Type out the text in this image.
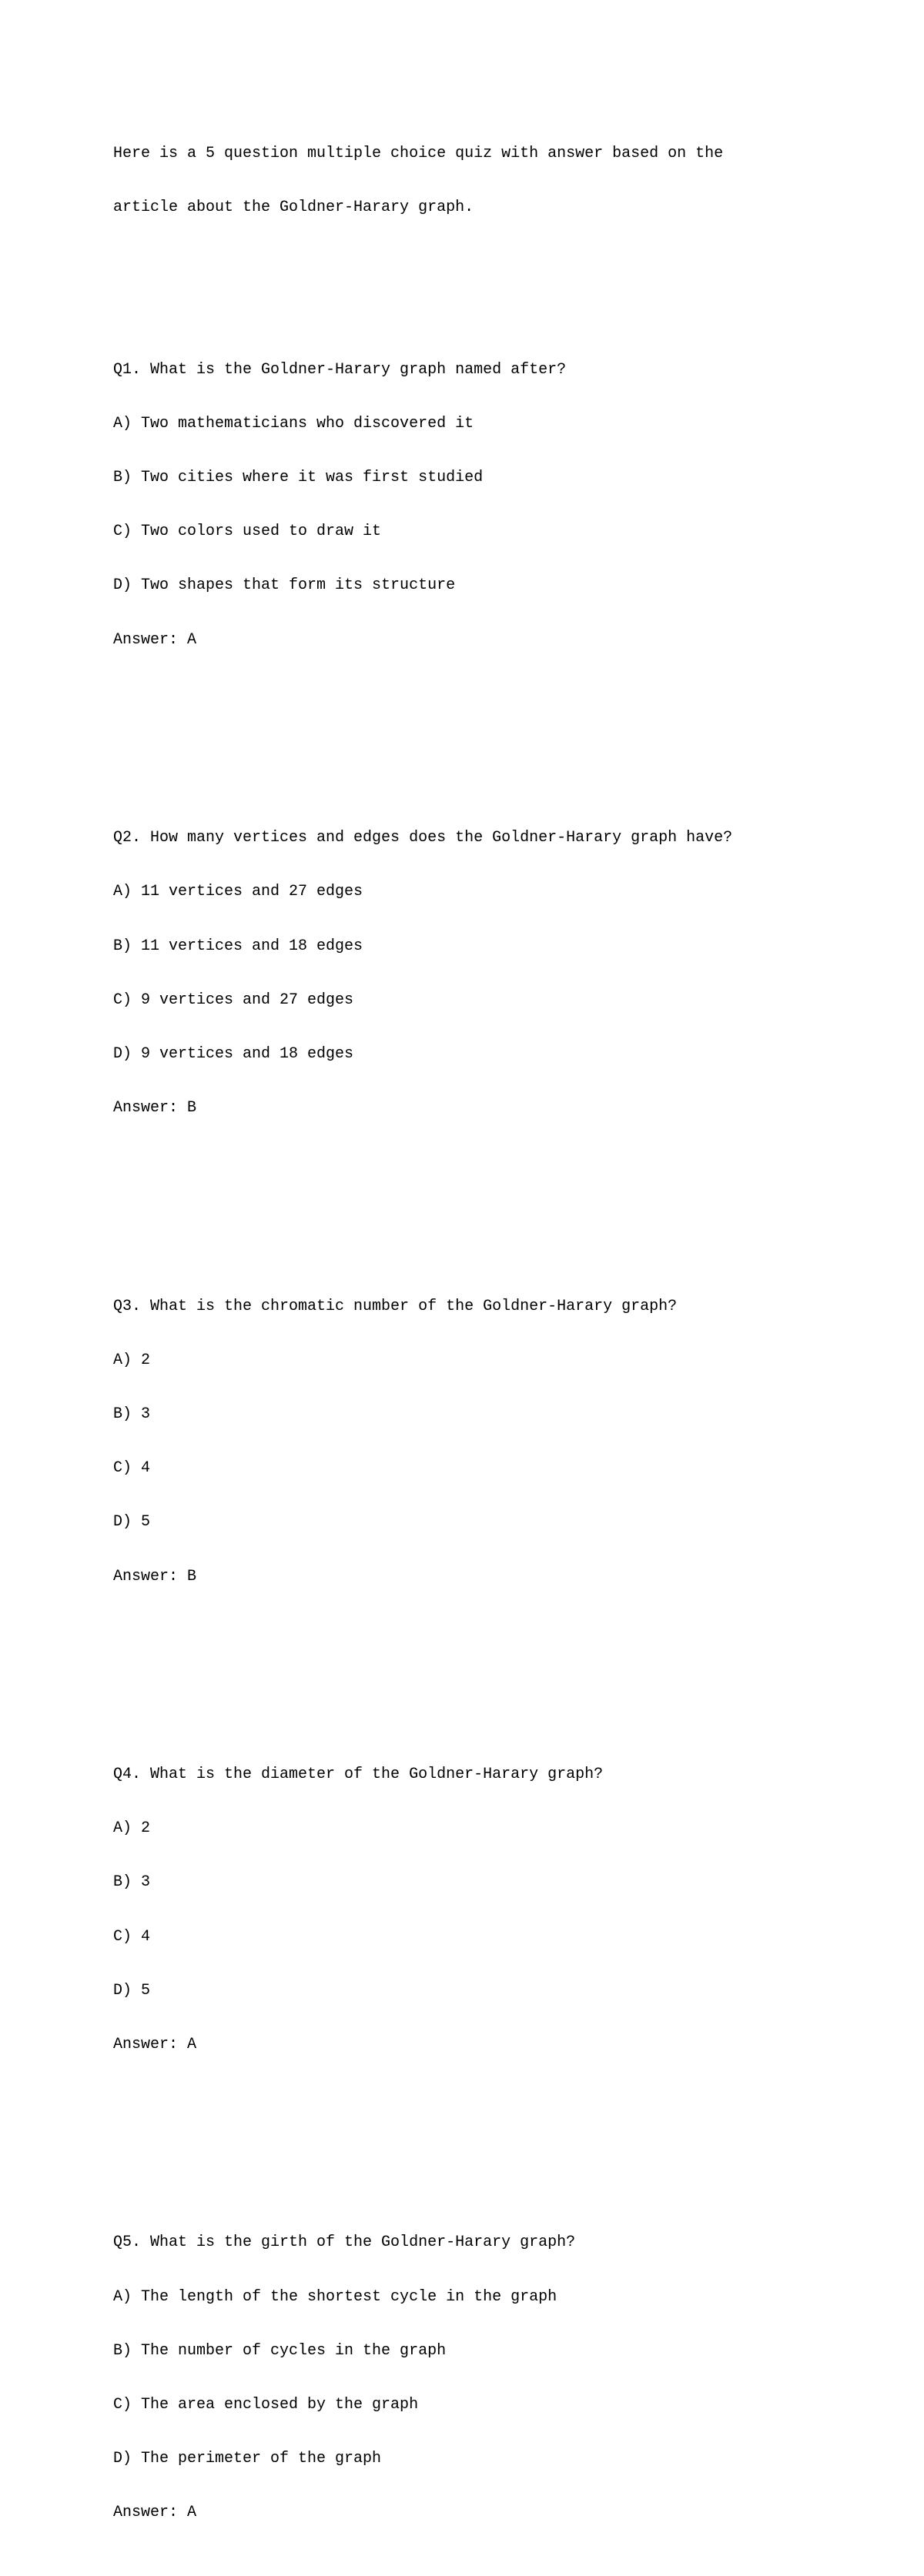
Here is a 5 question multiple choice quiz with answer based on the

article about the Goldner-Harary graph.

Q1. What is the Goldner-Harary graph named after?

A) Two mathematicians who discovered it

B) Two cities where it was first studied

C) Two colors used to draw it

D) Two shapes that form its structure

Answer: A

Q2. How many vertices and edges does the Goldner-Harary graph have?

A) 11 vertices and 27 edges

B) 11 vertices and 18 edges

C) 9 vertices and 27 edges

D) 9 vertices and 18 edges

Answer: B

Q3. What is the chromatic number of the Goldner-Harary graph?

A) 2

B) 3

C) 4

D) 5

Answer: B

Q4. What is the diameter of the Goldner-Harary graph?

A) 2

B) 3

C) 4

D) 5

Answer: A

Q5. What is the girth of the Goldner-Harary graph?

A) The length of the shortest cycle in the graph

B) The number of cycles in the graph

C) The area enclosed by the graph

D) The perimeter of the graph

Answer: A
